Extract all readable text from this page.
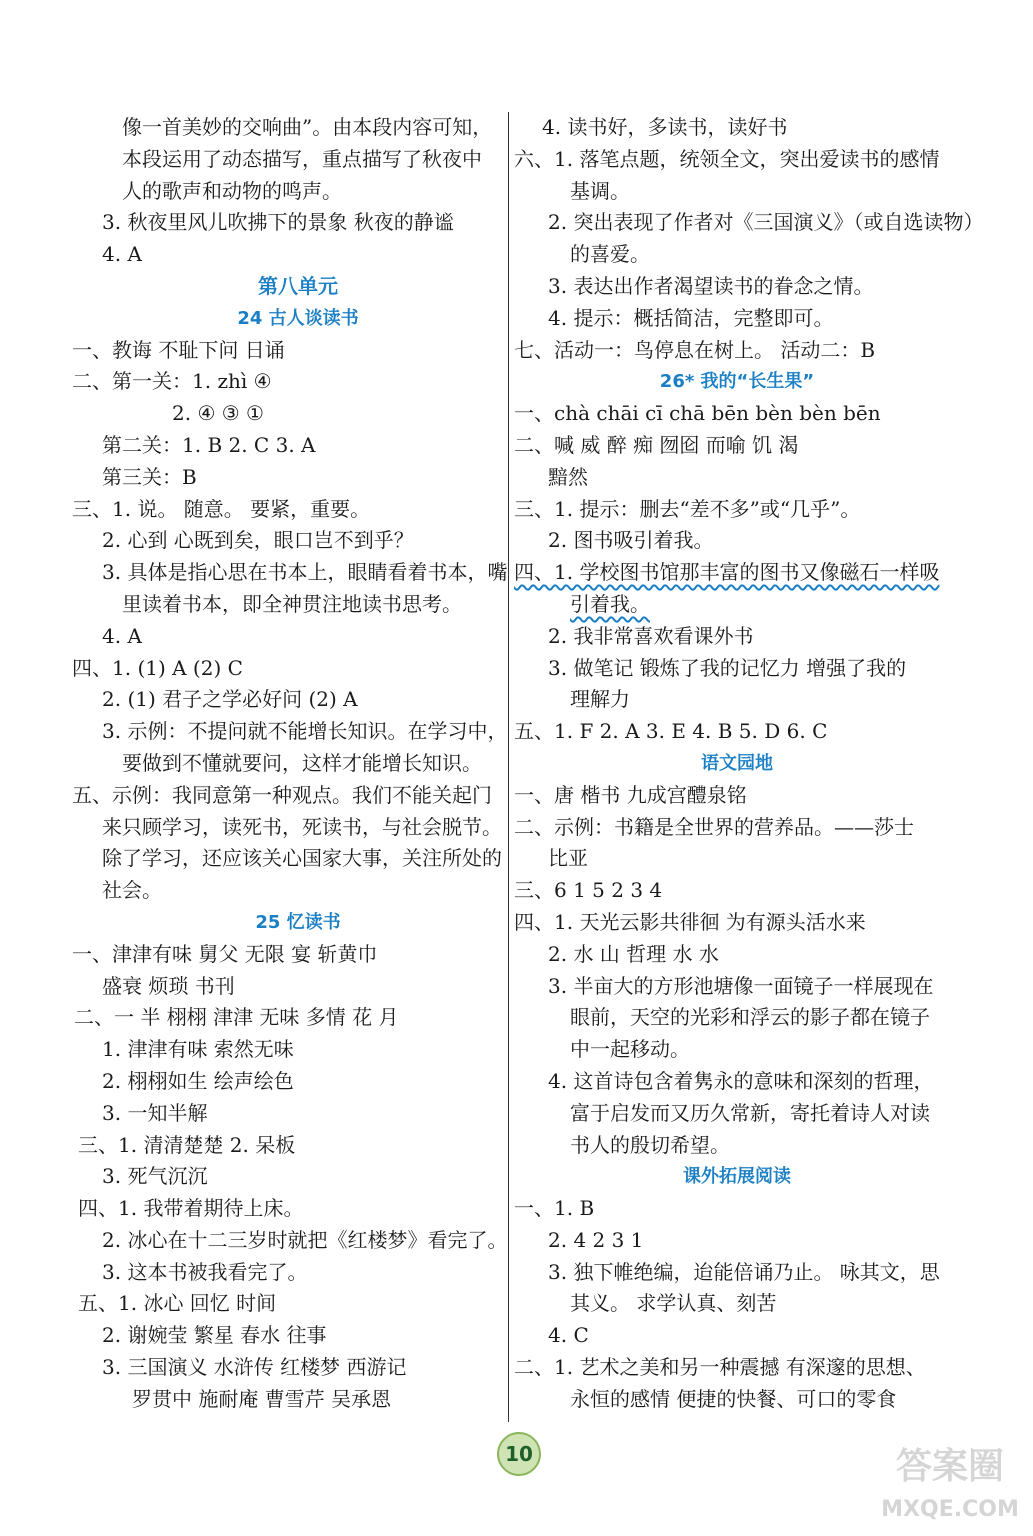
像一首美妙的交响曲”。由本段内容可知，
本段运用了动态描写，重点描写了秋夜中
人的歌声和动物的鸣声。
3. 秋夜里风儿吹拂下的景象 秋夜的静谧
4. A
第八单元
24 古人谈读书
一、教诲 不耻下问 日诵
二、第一关：1. zhì ④
2. ④ ③ ①
第二关：1. B 2. C 3. A
第三关：B
三、1. 说。 随意。 要紧，重要。
2. 心到 心既到矣，眼口岂不到乎？
3. 具体是指心思在书本上，眼睛看着书本，嘴
里读着书本，即全神贯注地读书思考。
4. A
四、1. (1) A (2) C
2. (1) 君子之学必好问 (2) A
3. 示例：不提问就不能增长知识。在学习中，
要做到不懂就要问，这样才能增长知识。
五、示例：我同意第一种观点。我们不能关起门
来只顾学习，读死书，死读书，与社会脱节。
除了学习，还应该关心国家大事，关注所处的
社会。
25 忆读书
一、津津有味 舅父 无限 宴 斩黄巾
盛衰 烦琐 书刊
二、一 半 栩栩 津津 无味 多情 花 月
1. 津津有味 索然无味
2. 栩栩如生 绘声绘色
3. 一知半解
三、1. 清清楚楚 2. 呆板
3. 死气沉沉
四、1. 我带着期待上床。
2. 冰心在十二三岁时就把《红楼梦》看完了。
3. 这本书被我看完了。
五、1. 冰心 回忆 时间
2. 谢婉莹 繁星 春水 往事
3. 三国演义 水浒传 红楼梦 西游记
罗贯中 施耐庵 曹雪芹 吴承恩
4. 读书好，多读书，读好书
六、1. 落笔点题，统领全文，突出爱读书的感情
基调。
2. 突出表现了作者对《三国演义》（或自选读物）
的喜爱。
3. 表达出作者渴望读书的眷念之情。
4. 提示：概括简洁，完整即可。
七、活动一：鸟停息在树上。 活动二：B
26* 我的“长生果”
一、chà chāi cī chā bēn bèn bèn bēn
二、喊 威 醉 痴 囫囵 而喻 饥 渴
黯然
三、1. 提示：删去“差不多”或“几乎”。
2. 图书吸引着我。
四、1. 学校图书馆那丰富的图书又像磁石一样吸
引着我。
2. 我非常喜欢看课外书
3. 做笔记 锻炼了我的记忆力 增强了我的
理解力
五、1. F 2. A 3. E 4. B 5. D 6. C
语文园地
一、唐 楷书 九成宫醴泉铭
二、示例：书籍是全世界的营养品。——莎士
比亚
三、6 1 5 2 3 4
四、1. 天光云影共徘徊 为有源头活水来
2. 水 山 哲理 水 水
3. 半亩大的方形池塘像一面镜子一样展现在
眼前，天空的光彩和浮云的影子都在镜子
中一起移动。
4. 这首诗包含着隽永的意味和深刻的哲理，
富于启发而又历久常新，寄托着诗人对读
书人的殷切希望。
课外拓展阅读
一、1. B
2. 4 2 3 1
3. 独下帷绝编，迨能倍诵乃止。 咏其文，思
其义。 求学认真、刻苦
4. C
二、1. 艺术之美和另一种震撼 有深邃的思想、
永恒的感情 便捷的快餐、可口的零食
10	答案圈
MXQE.COM
